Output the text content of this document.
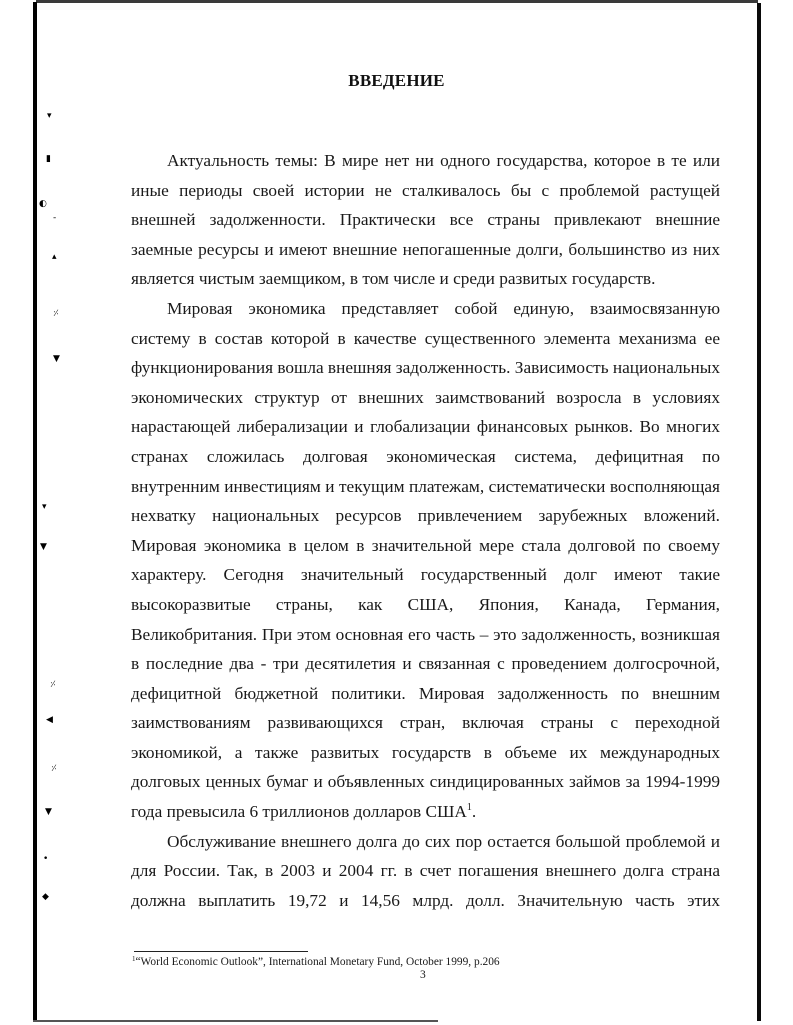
▾
▮
◐
-
▴
⸓
▼
▾
▼
⸓
◀
⸓
▼
•
◆
ВВЕДЕНИЕ
Актуальность темы: В мире нет ни одного государства, которое в те или
иные периоды своей истории не сталкивалось бы с проблемой растущей
внешней задолженности. Практически все страны привлекают внешние
заемные ресурсы и имеют внешние непогашенные долги, большинство из них
является чистым заемщиком, в том числе и среди развитых государств.
Мировая экономика представляет собой единую, взаимосвязанную
систему в состав которой в качестве существенного элемента механизма ее
функционирования вошла внешняя задолженность. Зависимость национальных
экономических структур от внешних заимствований возросла в условиях
нарастающей либерализации и глобализации финансовых рынков. Во многих
странах сложилась долговая экономическая система, дефицитная по
внутренним инвестициям и текущим платежам, систематически восполняющая
нехватку национальных ресурсов привлечением зарубежных вложений.
Мировая экономика в целом в значительной мере стала долговой по своему
характеру. Сегодня значительный государственный долг имеют такие
высокоразвитые страны, как США, Япония, Канада, Германия,
Великобритания. При этом основная его часть – это задолженность, возникшая
в последние два - три десятилетия и связанная с проведением долгосрочной,
дефицитной бюджетной политики. Мировая задолженность по внешним
заимствованиям развивающихся стран, включая страны с переходной
экономикой, а также развитых государств в объеме их международных
долговых ценных бумаг и объявленных синдицированных займов за 1994-1999
года превысила 6 триллионов долларов США$^1$.
Обслуживание внешнего долга до сих пор остается большой проблемой и
для России. Так, в 2003 и 2004 гг. в счет погашения внешнего долга страна
должна выплатить 19,72 и 14,56 млрд. долл. Значительную часть этих
$^1$“World Economic Outlook”, International Monetary Fund, October 1999, p.206
3
